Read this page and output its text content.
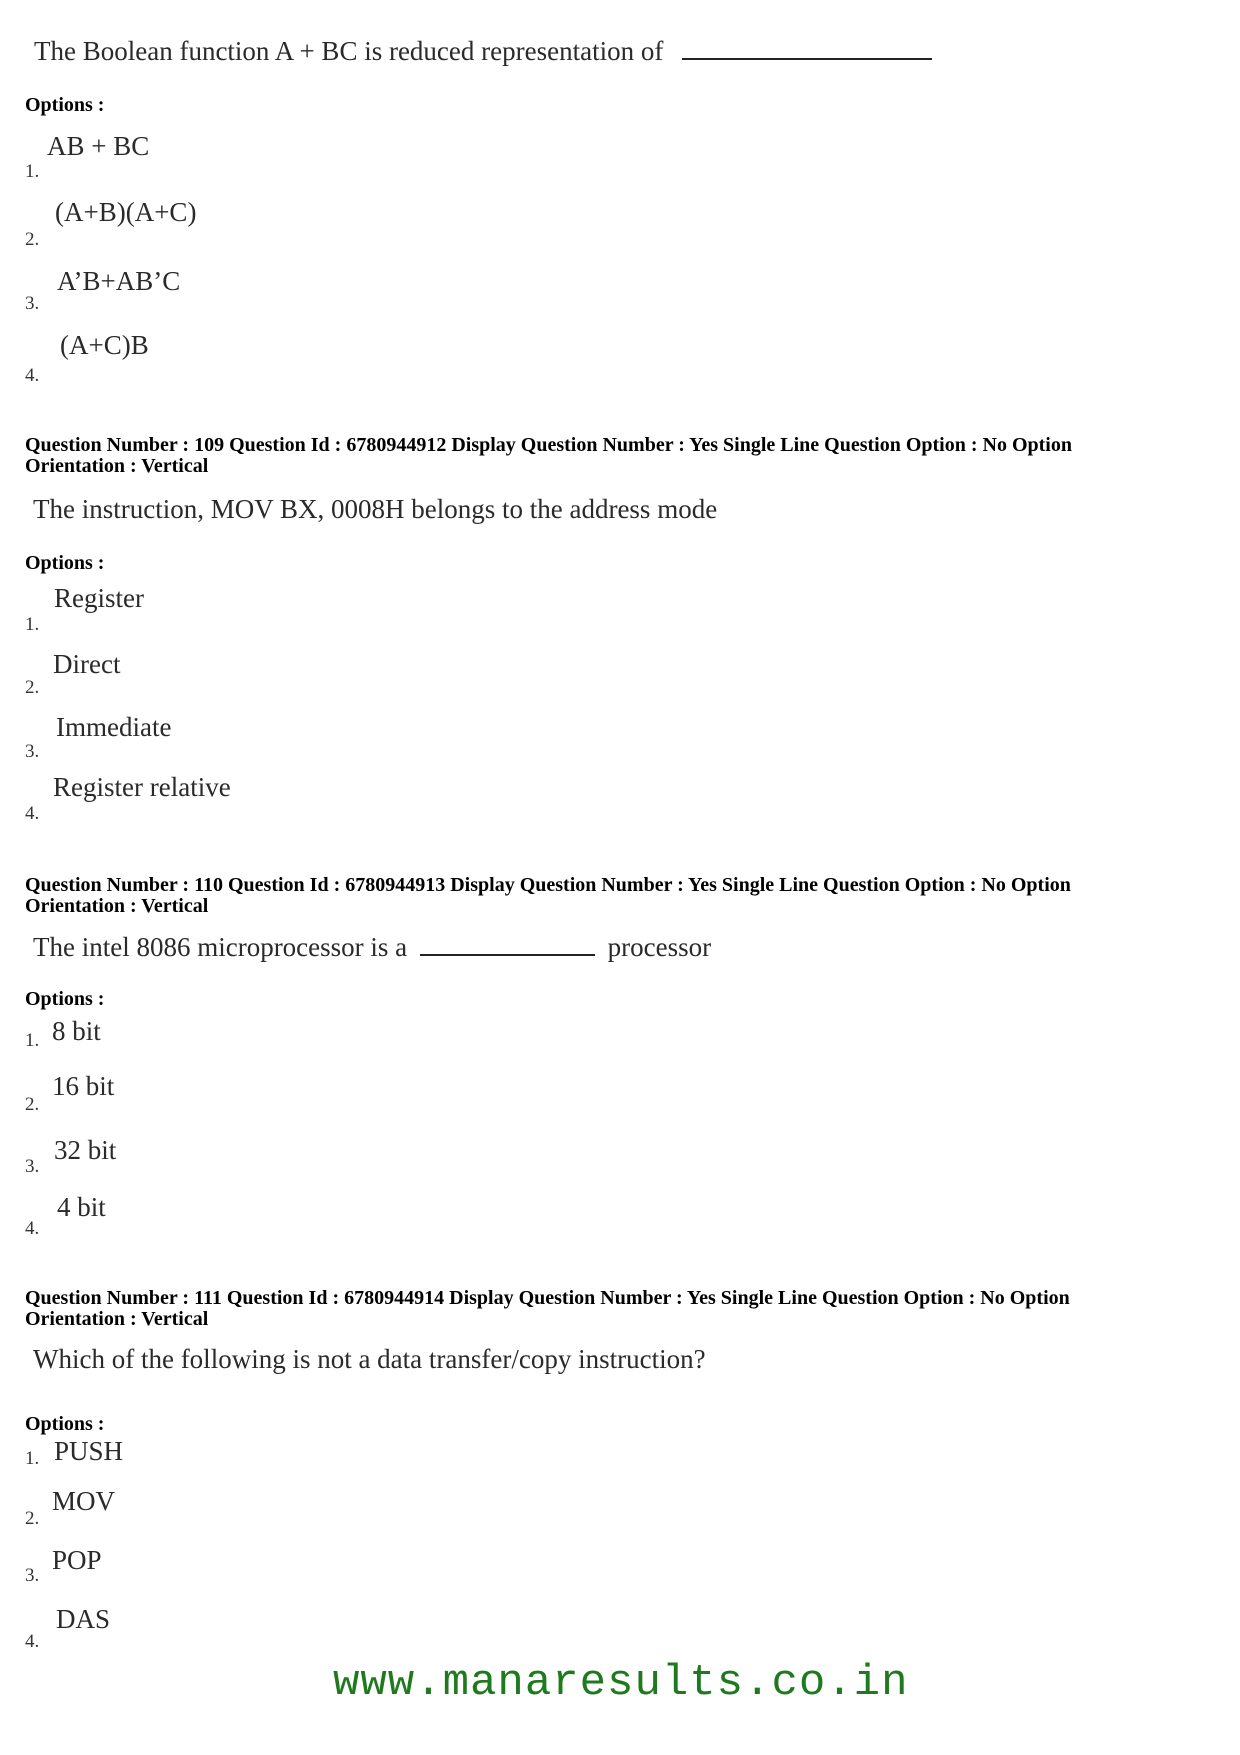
The Boolean function A + BC is reduced representation of
Options :
1.
AB + BC
2.
(A+B)(A+C)
3.
A’B+AB’C
4.
(A+C)B
Question Number : 109 Question Id : 6780944912 Display Question Number : Yes Single Line Question Option : No Option
Orientation : Vertical
The instruction, MOV BX, 0008H belongs to the address mode
Options :
1.
Register
2.
Direct
3.
Immediate
4.
Register relative
Question Number : 110 Question Id : 6780944913 Display Question Number : Yes Single Line Question Option : No Option
Orientation : Vertical
The intel 8086 microprocessor is a	processor
Options :
1. 8 bit
2.
16 bit
3.
32 bit
4.
4 bit
Question Number : 111 Question Id : 6780944914 Display Question Number : Yes Single Line Question Option : No Option
Orientation : Vertical
Which of the following is not a data transfer/copy instruction?
Options :
1. PUSH
2.
MOV
3.
POP
4.
DAS
www.manaresults.co.in
